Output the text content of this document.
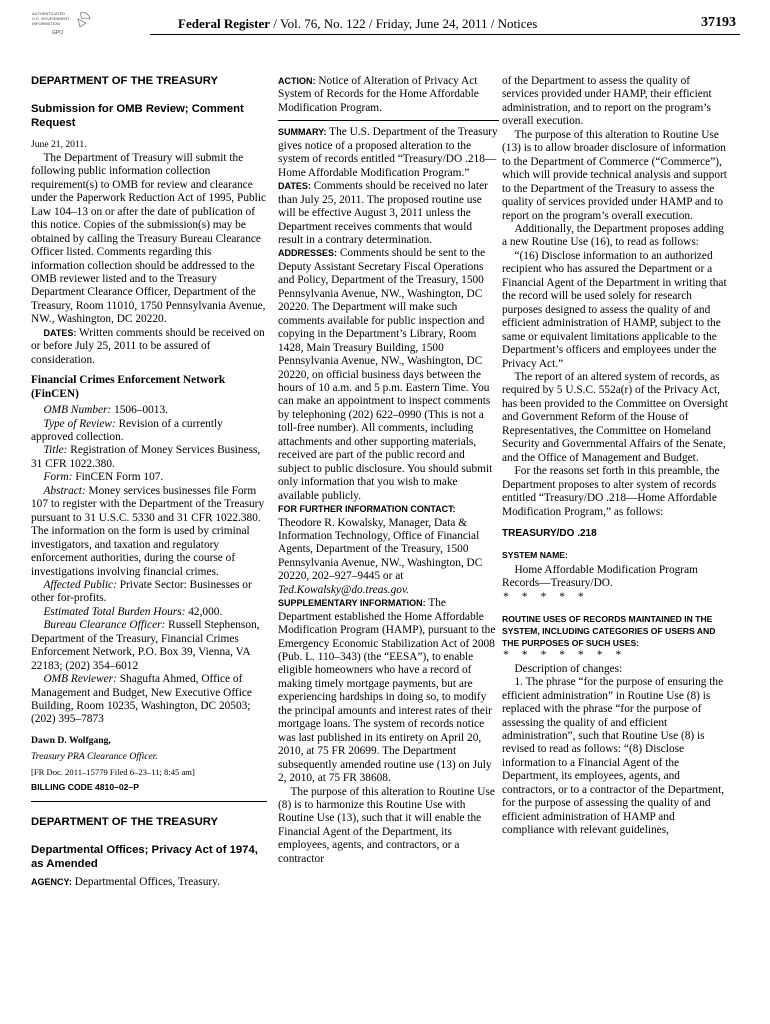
AUTHENTICATED
U.S. GOVERNMENT
INFORMATION
GPO
Federal Register / Vol. 76, No. 122 / Friday, June 24, 2011 / Notices	37193

DEPARTMENT OF THE TREASURY

Submission for OMB Review; Comment Request

June 21, 2011.

The Department of Treasury will submit the following public information collection requirement(s) to OMB for review and clearance under the Paperwork Reduction Act of 1995, Public Law 104–13 on or after the date of publication of this notice. Copies of the submission(s) may be obtained by calling the Treasury Bureau Clearance Officer listed. Comments regarding this information collection should be addressed to the OMB reviewer listed and to the Treasury Department Clearance Officer, Department of the Treasury, Room 11010, 1750 Pennsylvania Avenue, NW., Washington, DC 20220.

DATES: Written comments should be received on or before July 25, 2011 to be assured of consideration.

Financial Crimes Enforcement Network (FinCEN)

OMB Number: 1506–0013.

Type of Review: Revision of a currently approved collection.

Title: Registration of Money Services Business, 31 CFR 1022.380.

Form: FinCEN Form 107.

Abstract: Money services businesses file Form 107 to register with the Department of the Treasury pursuant to 31 U.S.C. 5330 and 31 CFR 1022.380. The information on the form is used by criminal investigators, and taxation and regulatory enforcement authorities, during the course of investigations involving financial crimes.

Affected Public: Private Sector: Businesses or other for-profits.

Estimated Total Burden Hours: 42,000.

Bureau Clearance Officer: Russell Stephenson, Department of the Treasury, Financial Crimes Enforcement Network, P.O. Box 39, Vienna, VA 22183; (202) 354–6012

OMB Reviewer: Shagufta Ahmed, Office of Management and Budget, New Executive Office Building, Room 10235, Washington, DC 20503; (202) 395–7873

Dawn D. Wolfgang,

Treasury PRA Clearance Officer.

[FR Doc. 2011–15779 Filed 6–23–11; 8:45 am]

BILLING CODE 4810–02–P

DEPARTMENT OF THE TREASURY

Departmental Offices; Privacy Act of 1974, as Amended

AGENCY: Departmental Offices, Treasury.

ACTION: Notice of Alteration of Privacy Act System of Records for the Home Affordable Modification Program.

SUMMARY: The U.S. Department of the Treasury gives notice of a proposed alteration to the system of records entitled “Treasury/DO .218—Home Affordable Modification Program.”

DATES: Comments should be received no later than July 25, 2011. The proposed routine use will be effective August 3, 2011 unless the Department receives comments that would result in a contrary determination.

ADDRESSES: Comments should be sent to the Deputy Assistant Secretary Fiscal Operations and Policy, Department of the Treasury, 1500 Pennsylvania Avenue, NW., Washington, DC 20220. The Department will make such comments available for public inspection and copying in the Department’s Library, Room 1428, Main Treasury Building, 1500 Pennsylvania Avenue, NW., Washington, DC 20220, on official business days between the hours of 10 a.m. and 5 p.m. Eastern Time. You can make an appointment to inspect comments by telephoning (202) 622–0990 (This is not a toll-free number). All comments, including attachments and other supporting materials, received are part of the public record and subject to public disclosure. You should submit only information that you wish to make available publicly.

FOR FURTHER INFORMATION CONTACT: Theodore R. Kowalsky, Manager, Data & Information Technology, Office of Financial Agents, Department of the Treasury, 1500 Pennsylvania Avenue, NW., Washington, DC 20220, 202–927–9445 or at Ted.Kowalsky@do.treas.gov.

SUPPLEMENTARY INFORMATION: The Department established the Home Affordable Modification Program (HAMP), pursuant to the Emergency Economic Stabilization Act of 2008 (Pub. L. 110–343) (the “EESA”), to enable eligible homeowners who have a record of making timely mortgage payments, but are experiencing hardships in doing so, to modify the principal amounts and interest rates of their mortgage loans. The system of records notice was last published in its entirety on April 20, 2010, at 75 FR 20699. The Department subsequently amended routine use (13) on July 2, 2010, at 75 FR 38608.

The purpose of this alteration to Routine Use (8) is to harmonize this Routine Use with Routine Use (13), such that it will enable the Financial Agent of the Department, its employees, agents, and contractors, or a contractor

of the Department to assess the quality of services provided under HAMP, their efficient administration, and to report on the program’s overall execution.

The purpose of this alteration to Routine Use (13) is to allow broader disclosure of information to the Department of Commerce (“Commerce”), which will provide technical analysis and support to the Department of the Treasury to assess the quality of services provided under HAMP and to report on the program’s overall execution.

Additionally, the Department proposes adding a new Routine Use (16), to read as follows:

“(16) Disclose information to an authorized recipient who has assured the Department or a Financial Agent of the Department in writing that the record will be used solely for research purposes designed to assess the quality of and efficient administration of HAMP, subject to the same or equivalent limitations applicable to the Department’s officers and employees under the Privacy Act.”

The report of an altered system of records, as required by 5 U.S.C. 552a(r) of the Privacy Act, has been provided to the Committee on Oversight and Government Reform of the House of Representatives, the Committee on Homeland Security and Governmental Affairs of the Senate, and the Office of Management and Budget.

For the reasons set forth in this preamble, the Department proposes to alter system of records entitled “Treasury/DO .218—Home Affordable Modification Program,” as follows:

TREASURY/DO .218

SYSTEM NAME:

Home Affordable Modification Program Records—Treasury/DO.

* * * * *

ROUTINE USES OF RECORDS MAINTAINED IN THE SYSTEM, INCLUDING CATEGORIES OF USERS AND THE PURPOSES OF SUCH USES:

* * * * * * *

Description of changes:

1. The phrase “for the purpose of ensuring the efficient administration” in Routine Use (8) is replaced with the phrase “for the purpose of assessing the quality of and efficient administration”, such that Routine Use (8) is revised to read as follows: “(8) Disclose information to a Financial Agent of the Department, its employees, agents, and contractors, or to a contractor of the Department, for the purpose of assessing the quality of and efficient administration of HAMP and compliance with relevant guidelines,
